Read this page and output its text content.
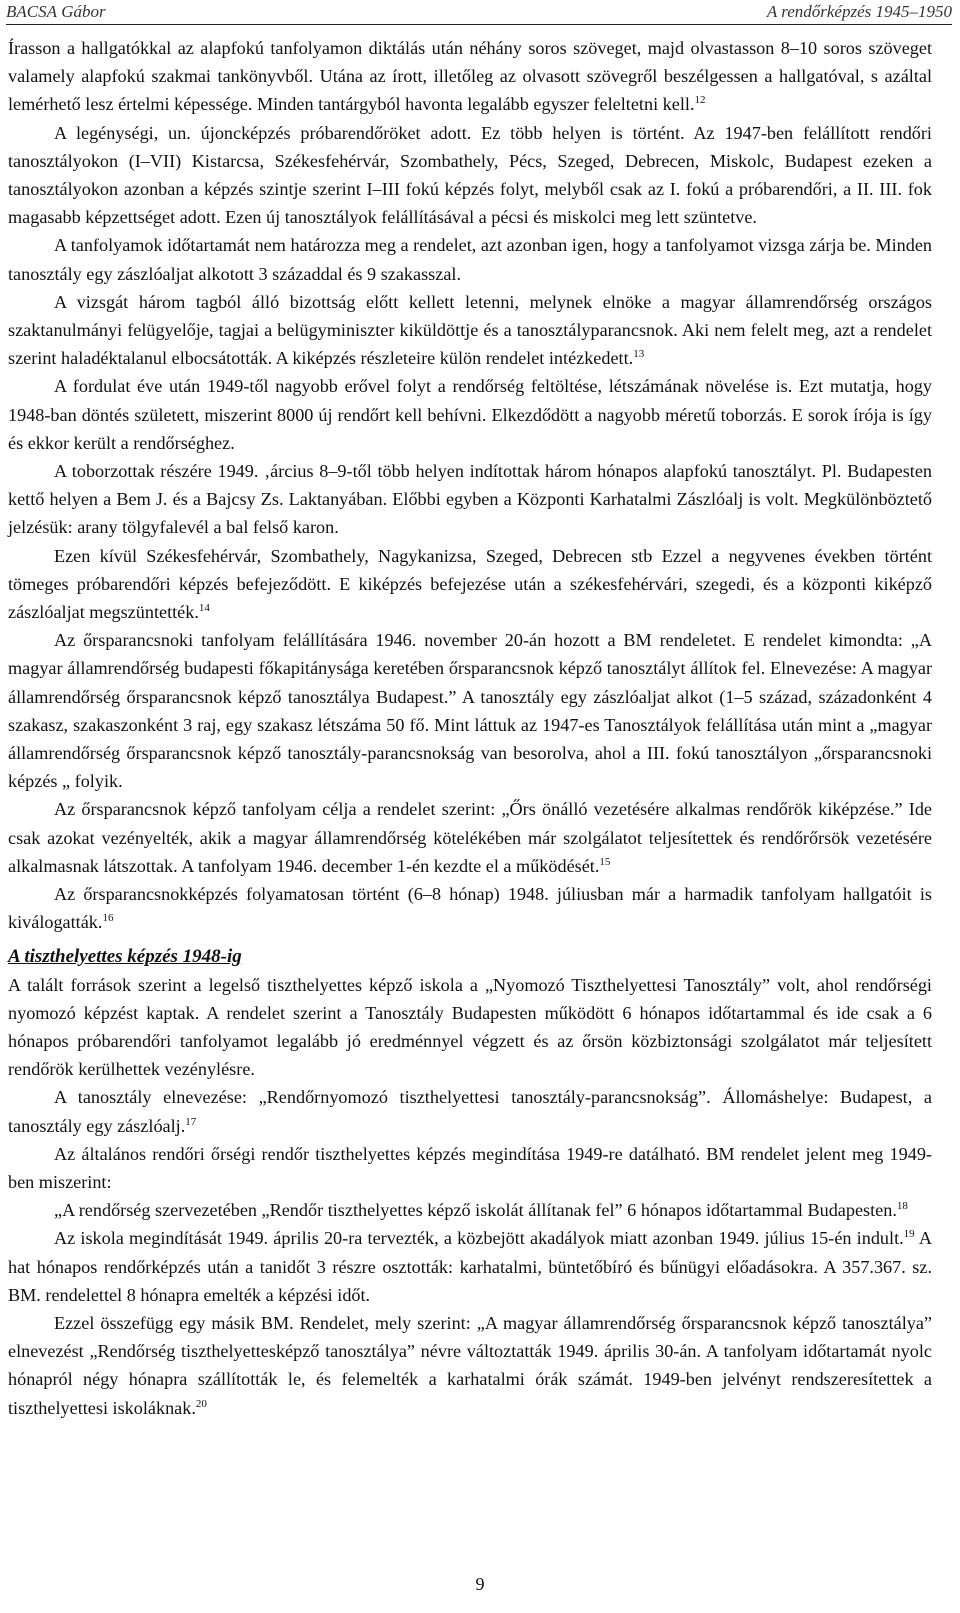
BACSA Gábor	A rendőrképzés 1945–1950

Írasson a hallgatókkal az alapfokú tanfolyamon diktálás után néhány soros szöveget, majd olvastasson 8–10 soros szöveget valamely alapfokú szakmai tankönyvből. Utána az írott, illetőleg az olvasott szövegről beszélgessen a hallgatóval, s azáltal lemérhető lesz értelmi képessége. Minden tantárgyból havonta legalább egyszer feleltetni kell.$^{12}$

A legénységi, un. újoncképzés próbarendőröket adott. Ez több helyen is történt. Az 1947-ben felállított rendőri tanosztályokon (I–VII) Kistarcsa, Székesfehérvár, Szombathely, Pécs, Szeged, Debrecen, Miskolc, Budapest ezeken a tanosztályokon azonban a képzés szintje szerint I–III fokú képzés folyt, melyből csak az I. fokú a próbarendőri, a II. III. fok magasabb képzettséget adott. Ezen új tanosztályok felállításával a pécsi és miskolci meg lett szüntetve.

A tanfolyamok időtartamát nem határozza meg a rendelet, azt azonban igen, hogy a tanfolyamot vizsga zárja be. Minden tanosztály egy zászlóaljat alkotott 3 századdal és 9 szakasszal.

A vizsgát három tagból álló bizottság előtt kellett letenni, melynek elnöke a magyar államrendőrség országos szaktanulmányi felügyelője, tagjai a belügyminiszter kiküldöttje és a tanosztályparancsnok. Aki nem felelt meg, azt a rendelet szerint haladéktalanul elbocsátották. A kiképzés részleteire külön rendelet intézkedett.$^{13}$

A fordulat éve után 1949-től nagyobb erővel folyt a rendőrség feltöltése, létszámának növelése is. Ezt mutatja, hogy 1948-ban döntés született, miszerint 8000 új rendőrt kell behívni. Elkezdődött a nagyobb méretű toborzás. E sorok írója is így és ekkor került a rendőrséghez.

A toborzottak részére 1949. ‚árcius 8–9-től több helyen indítottak három hónapos alapfokú tanosztályt. Pl. Budapesten kettő helyen a Bem J. és a Bajcsy Zs. Laktanyában. Előbbi egyben a Központi Karhatalmi Zászlóalj is volt. Megkülönböztető jelzésük: arany tölgyfalevél a bal felső karon.

Ezen kívül Székesfehérvár, Szombathely, Nagykanizsa, Szeged, Debrecen stb Ezzel a negyvenes években történt tömeges próbarendőri képzés befejeződött. E kiképzés befejezése után a székesfehérvári, szegedi, és a központi kiképző zászlóaljat megszüntették.$^{14}$

Az őrsparancsnoki tanfolyam felállítására 1946. november 20-án hozott a BM rendeletet. E rendelet kimondta: „A magyar államrendőrség budapesti főkapitánysága keretében őrsparancsnok képző tanosztályt állítok fel. Elnevezése: A magyar államrendőrség őrsparancsnok képző tanosztálya Budapest.” A tanosztály egy zászlóaljat alkot (1–5 század, századonként 4 szakasz, szakaszonként 3 raj, egy szakasz létszáma 50 fő. Mint láttuk az 1947-es Tanosztályok felállítása után mint a „magyar államrendőrség őrsparancsnok képző tanosztály-parancsnokság van besorolva, ahol a III. fokú tanosztályon „őrsparancsnoki képzés „ folyik.

Az őrsparancsnok képző tanfolyam célja a rendelet szerint: „Őrs önálló vezetésére alkalmas rendőrök kiképzése.” Ide csak azokat vezényelték, akik a magyar államrendőrség kötelékében már szolgálatot teljesítettek és rendőrőrsök vezetésére alkalmasnak látszottak. A tanfolyam 1946. december 1-én kezdte el a működését.$^{15}$

Az őrsparancsnokképzés folyamatosan történt (6–8 hónap) 1948. júliusban már a harmadik tanfolyam hallgatóit is kiválogatták.$^{16}$

A tiszthelyettes képzés 1948-ig

A talált források szerint a legelső tiszthelyettes képző iskola a „Nyomozó Tiszthelyettesi Tanosztály” volt, ahol rendőrségi nyomozó képzést kaptak. A rendelet szerint a Tanosztály Budapesten működött 6 hónapos időtartammal és ide csak a 6 hónapos próbarendőri tanfolyamot legalább jó eredménnyel végzett és az őrsön közbiztonsági szolgálatot már teljesített rendőrök kerülhettek vezénylésre.

A tanosztály elnevezése: „Rendőrnyomozó tiszthelyettesi tanosztály-parancsnokság”. Állomáshelye: Budapest, a tanosztály egy zászlóalj.$^{17}$

Az általános rendőri őrségi rendőr tiszthelyettes képzés megindítása 1949-re datálható. BM rendelet jelent meg 1949-ben miszerint:

„A rendőrség szervezetében „Rendőr tiszthelyettes képző iskolát állítanak fel” 6 hónapos időtartammal Budapesten.$^{18}$

Az iskola megindítását 1949. április 20-ra tervezték, a közbejött akadályok miatt azonban 1949. július 15-én indult.$^{19}$ A hat hónapos rendőrképzés után a tanidőt 3 részre osztották: karhatalmi, büntetőbíró és bűnügyi előadásokra. A 357.367. sz. BM. rendelettel 8 hónapra emelték a képzési időt.

Ezzel összefügg egy másik BM. Rendelet, mely szerint: „A magyar államrendőrség őrsparancsnok képző tanosztálya” elnevezést „Rendőrség tiszthelyettesképző tanosztálya” névre változtatták 1949. április 30-án. A tanfolyam időtartamát nyolc hónapról négy hónapra szállították le, és felemelték a karhatalmi órák számát. 1949-ben jelvényt rendszeresítettek a tiszthelyettesi iskoláknak.$^{20}$

9
